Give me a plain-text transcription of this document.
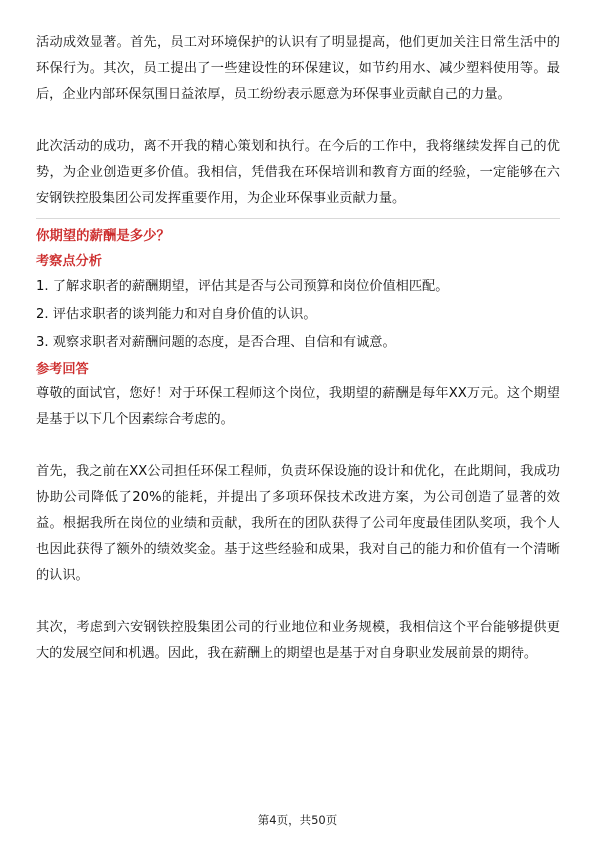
活动成效显著。首先，员工对环境保护的认识有了明显提高，他们更加关注日常生活中的环保行为。其次，员工提出了一些建设性的环保建议，如节约用水、减少塑料使用等。最后，企业内部环保氛围日益浓厚，员工纷纷表示愿意为环保事业贡献自己的力量。

此次活动的成功，离不开我的精心策划和执行。在今后的工作中，我将继续发挥自己的优势，为企业创造更多价值。我相信，凭借我在环保培训和教育方面的经验，一定能够在六安钢铁控股集团公司发挥重要作用，为企业环保事业贡献力量。

你期望的薪酬是多少？

考察点分析

1. 了解求职者的薪酬期望，评估其是否与公司预算和岗位价值相匹配。

2. 评估求职者的谈判能力和对自身价值的认识。

3. 观察求职者对薪酬问题的态度，是否合理、自信和有诚意。

参考回答

尊敬的面试官，您好！对于环保工程师这个岗位，我期望的薪酬是每年XX万元。这个期望是基于以下几个因素综合考虑的。

首先，我之前在XX公司担任环保工程师，负责环保设施的设计和优化，在此期间，我成功协助公司降低了20%的能耗，并提出了多项环保技术改进方案，为公司创造了显著的效益。根据我所在岗位的业绩和贡献，我所在的团队获得了公司年度最佳团队奖项，我个人也因此获得了额外的绩效奖金。基于这些经验和成果，我对自己的能力和价值有一个清晰的认识。

其次，考虑到六安钢铁控股集团公司的行业地位和业务规模，我相信这个平台能够提供更大的发展空间和机遇。因此，我在薪酬上的期望也是基于对自身职业发展前景的期待。

第4页，共50页
